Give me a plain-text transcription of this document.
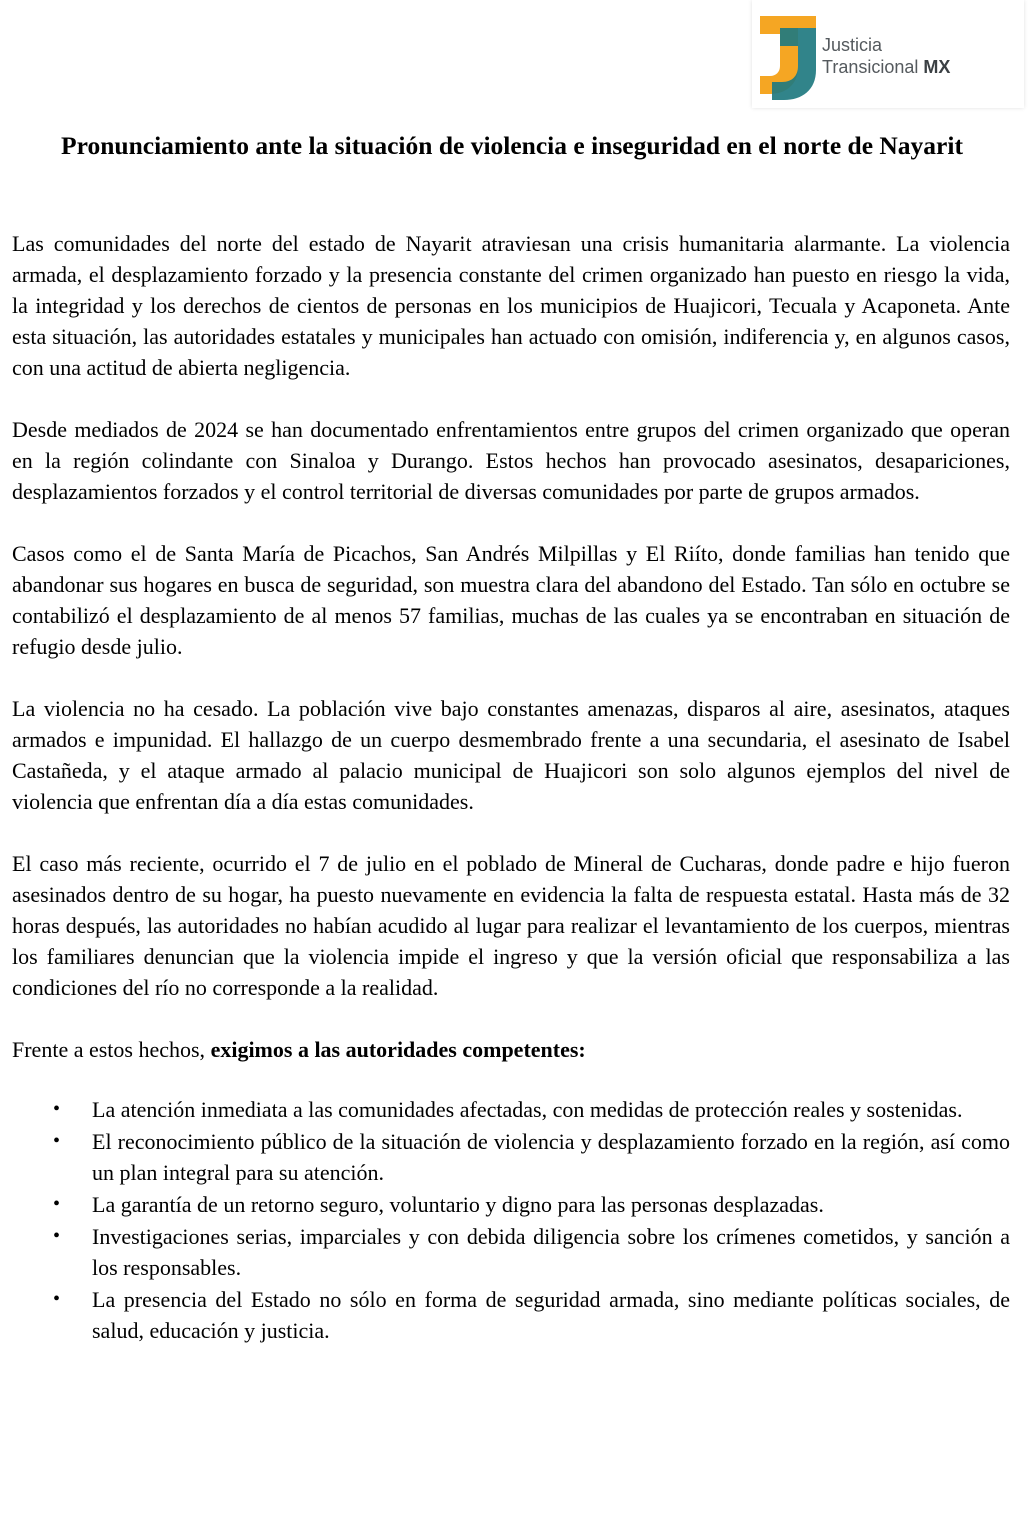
Justicia
Transicional MX
Pronunciamiento ante la situación de violencia e inseguridad en el norte de Nayarit

Las comunidades del norte del estado de Nayarit atraviesan una crisis humanitaria alarmante. La violencia armada, el desplazamiento forzado y la presencia constante del crimen organizado han puesto en riesgo la vida, la integridad y los derechos de cientos de personas en los municipios de Huajicori, Tecuala y Acaponeta. Ante esta situación, las autoridades estatales y municipales han actuado con omisión, indiferencia y, en algunos casos, con una actitud de abierta negligencia.

Desde mediados de 2024 se han documentado enfrentamientos entre grupos del crimen organizado que operan en la región colindante con Sinaloa y Durango. Estos hechos han provocado asesinatos, desapariciones, desplazamientos forzados y el control territorial de diversas comunidades por parte de grupos armados.

Casos como el de Santa María de Picachos, San Andrés Milpillas y El Riíto, donde familias han tenido que abandonar sus hogares en busca de seguridad, son muestra clara del abandono del Estado. Tan sólo en octubre se contabilizó el desplazamiento de al menos 57 familias, muchas de las cuales ya se encontraban en situación de refugio desde julio.

La violencia no ha cesado. La población vive bajo constantes amenazas, disparos al aire, asesinatos, ataques armados e impunidad. El hallazgo de un cuerpo desmembrado frente a una secundaria, el asesinato de Isabel Castañeda, y el ataque armado al palacio municipal de Huajicori son solo algunos ejemplos del nivel de violencia que enfrentan día a día estas comunidades.

El caso más reciente, ocurrido el 7 de julio en el poblado de Mineral de Cucharas, donde padre e hijo fueron asesinados dentro de su hogar, ha puesto nuevamente en evidencia la falta de respuesta estatal. Hasta más de 32 horas después, las autoridades no habían acudido al lugar para realizar el levantamiento de los cuerpos, mientras los familiares denuncian que la violencia impide el ingreso y que la versión oficial que responsabiliza a las condiciones del río no corresponde a la realidad.

Frente a estos hechos, exigimos a las autoridades competentes:

• La atención inmediata a las comunidades afectadas, con medidas de protección reales y sostenidas.
• El reconocimiento público de la situación de violencia y desplazamiento forzado en la región, así como un plan integral para su atención.
• La garantía de un retorno seguro, voluntario y digno para las personas desplazadas.
• Investigaciones serias, imparciales y con debida diligencia sobre los crímenes cometidos, y sanción a los responsables.
• La presencia del Estado no sólo en forma de seguridad armada, sino mediante políticas sociales, de salud, educación y justicia.
